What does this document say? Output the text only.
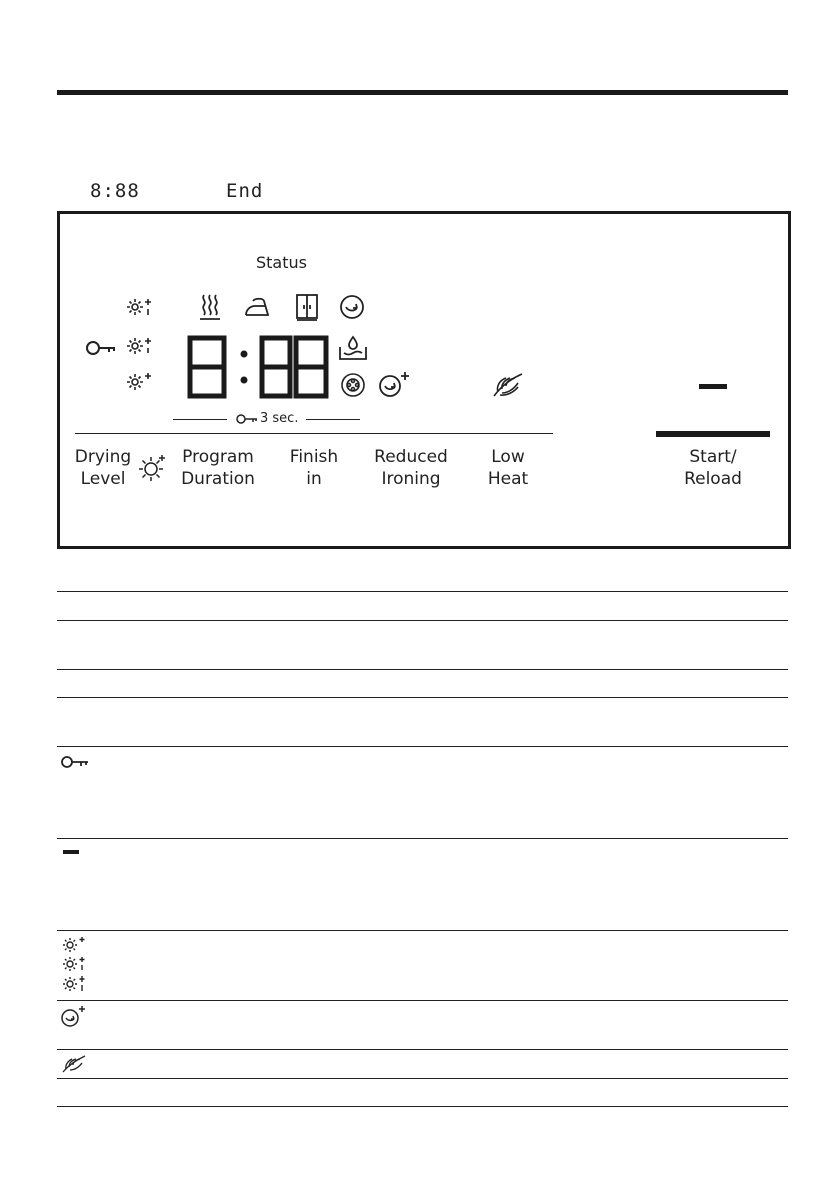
8:88	End
Status
3 sec.
Drying
Level
Program
Duration
Finish
in
Reduced
Ironing
Low
Heat
Start/
Reload
